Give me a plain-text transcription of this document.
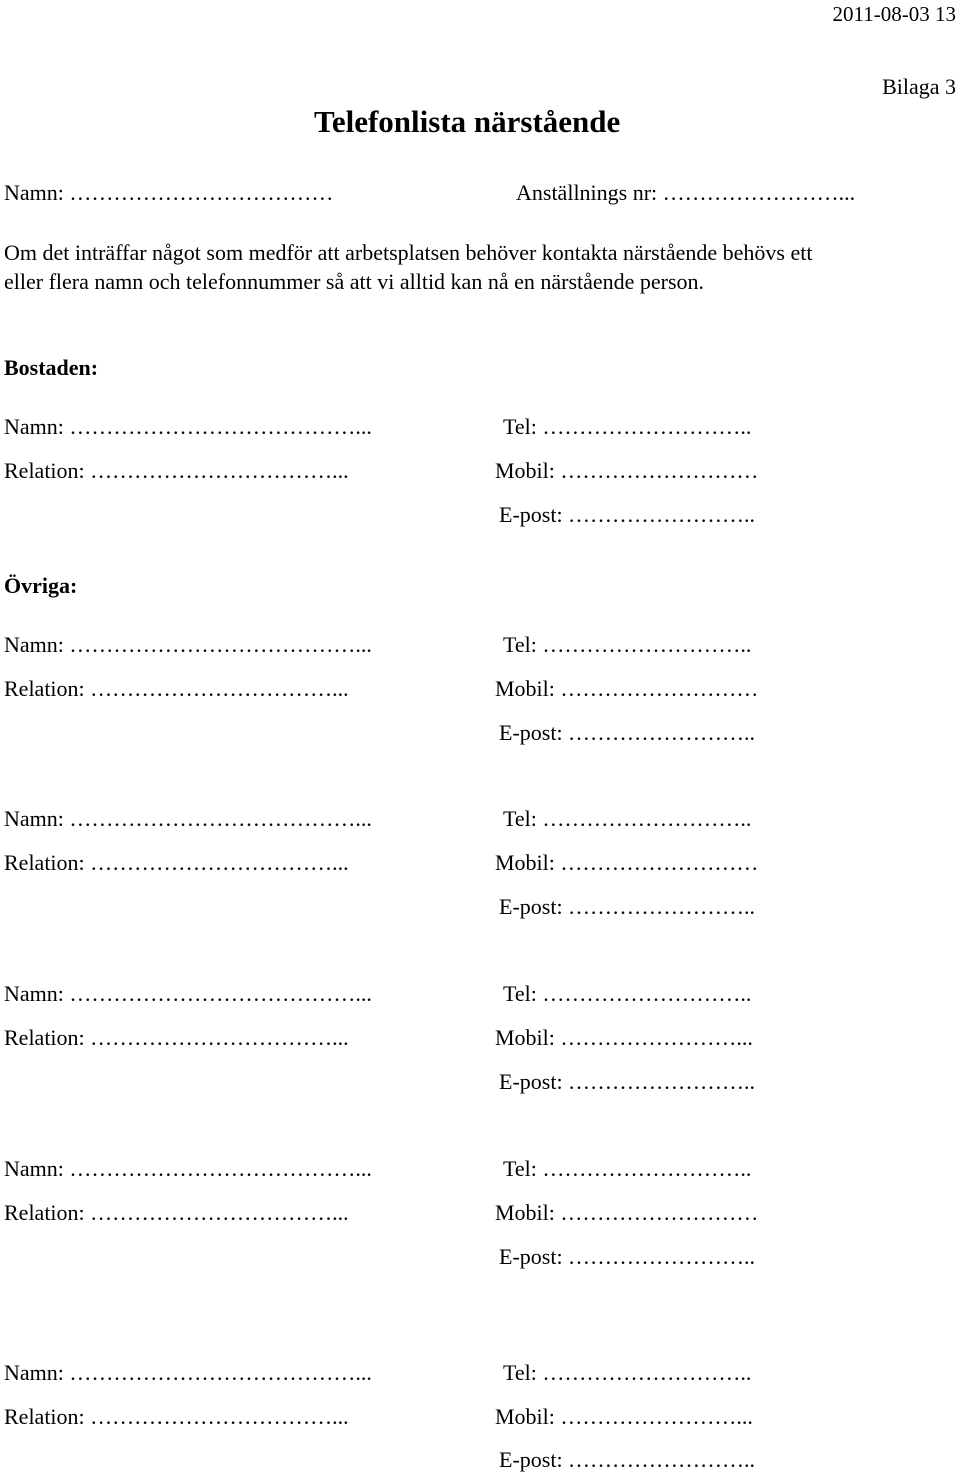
2011-08-03 13
Bilaga 3
Telefonlista närstående
Namn: ………………………………	Anställnings nr: ……………………...
Om det inträffar något som medför att arbetsplatsen behöver kontakta närstående behövs ett
eller flera namn och telefonnummer så att vi alltid kan nå en närstående person.
Bostaden:
Namn: …………………………………...	Tel: ………………………..
Relation: ……………………………...	Mobil: ………………………
E-post: ……………………..
Övriga:
Namn: …………………………………...	Tel: ………………………..
Relation: ……………………………...	Mobil: ………………………
E-post: ……………………..
Namn: …………………………………...	Tel: ………………………..
Relation: ……………………………...	Mobil: ………………………
E-post: ……………………..
Namn: …………………………………...	Tel: ………………………..
Relation: ……………………………...	Mobil: ……………………...
E-post: ……………………..
Namn: …………………………………...	Tel: ………………………..
Relation: ……………………………...	Mobil: ………………………
E-post: ……………………..
Namn: …………………………………...	Tel: ………………………..
Relation: ……………………………...	Mobil: ……………………...
E-post: ……………………..
